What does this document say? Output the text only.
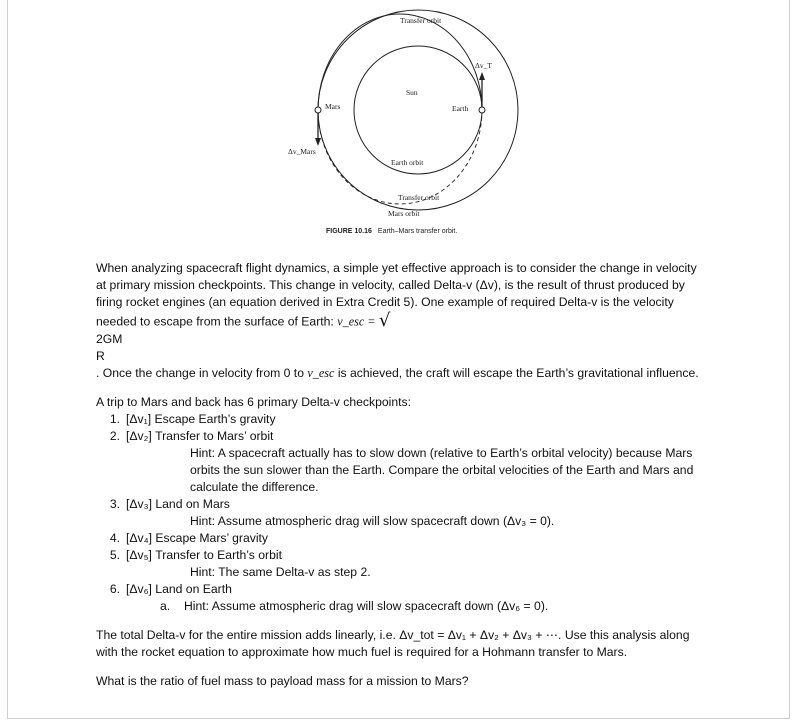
Transfer orbit
Δv_T
Sun
Mars	Earth
Δv_Mars
Earth orbit
Transfer orbit
Mars orbit
FIGURE 10.16 Earth–Mars transfer orbit.

When analyzing spacecraft flight dynamics, a simple yet effective approach is to consider the change in velocity at primary mission checkpoints. This change in velocity, called Delta-v (Δv), is the result of thrust produced by firing rocket engines (an equation derived in Extra Credit 5). One example of required Delta-v is the velocity needed to escape from the surface of Earth: v_esc = √

2GM
R
. Once the change in velocity from 0 to v_esc is achieved, the craft will escape the Earth’s gravitational influence.

A trip to Mars and back has 6 primary Delta-v checkpoints:

1. [Δv₁] Escape Earth’s gravity
2. [Δv₂] Transfer to Mars’ orbit
Hint: A spacecraft actually has to slow down (relative to Earth’s orbital velocity) because Mars orbits the sun slower than the Earth. Compare the orbital velocities of the Earth and Mars and calculate the difference.
3. [Δv₃] Land on Mars
Hint: Assume atmospheric drag will slow spacecraft down (Δv₃ = 0).
4. [Δv₄] Escape Mars’ gravity
5. [Δv₅] Transfer to Earth’s orbit
Hint: The same Delta-v as step 2.
6. [Δv₆] Land on Earth
a.	Hint: Assume atmospheric drag will slow spacecraft down (Δv₆ = 0).

The total Delta-v for the entire mission adds linearly, i.e. Δv_tot = Δv₁ + Δv₂ + Δv₃ + ⋯. Use this analysis along with the rocket equation to approximate how much fuel is required for a Hohmann transfer to Mars.

What is the ratio of fuel mass to payload mass for a mission to Mars?
